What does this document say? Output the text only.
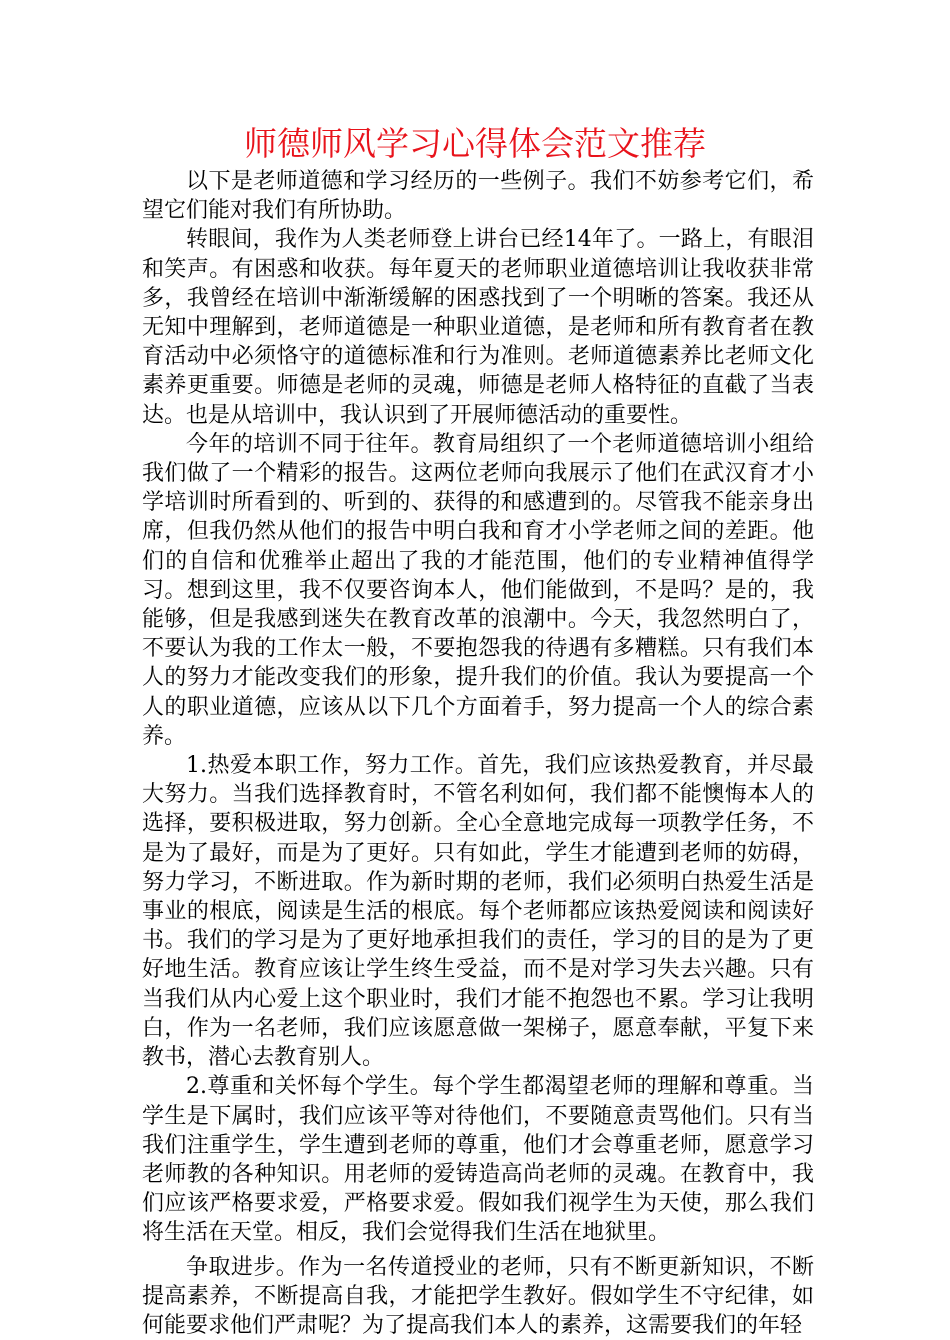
师德师风学习心得体会范文推荐

以下是老师道德和学习经历的一些例子。我们不妨参考它们，希望它们能对我们有所协助。

转眼间，我作为人类老师登上讲台已经14年了。一路上，有眼泪和笑声。有困惑和收获。每年夏天的老师职业道德培训让我收获非常多，我曾经在培训中渐渐缓解的困惑找到了一个明晰的答案。我还从无知中理解到，老师道德是一种职业道德，是老师和所有教育者在教育活动中必须恪守的道德标准和行为准则。老师道德素养比老师文化素养更重要。师德是老师的灵魂，师德是老师人格特征的直截了当表达。也是从培训中，我认识到了开展师德活动的重要性。

今年的培训不同于往年。教育局组织了一个老师道德培训小组给我们做了一个精彩的报告。这两位老师向我展示了他们在武汉育才小学培训时所看到的、听到的、获得的和感遭到的。尽管我不能亲身出席，但我仍然从他们的报告中明白我和育才小学老师之间的差距。他们的自信和优雅举止超出了我的才能范围，他们的专业精神值得学习。想到这里，我不仅要咨询本人，他们能做到，不是吗？是的，我能够，但是我感到迷失在教育改革的浪潮中。今天，我忽然明白了，不要认为我的工作太一般，不要抱怨我的待遇有多糟糕。只有我们本人的努力才能改变我们的形象，提升我们的价值。我认为要提高一个人的职业道德，应该从以下几个方面着手，努力提高一个人的综合素养。

1.热爱本职工作，努力工作。首先，我们应该热爱教育，并尽最大努力。当我们选择教育时，不管名利如何，我们都不能懊悔本人的选择，要积极进取，努力创新。全心全意地完成每一项教学任务，不是为了最好，而是为了更好。只有如此，学生才能遭到老师的妨碍，努力学习，不断进取。作为新时期的老师，我们必须明白热爱生活是事业的根底，阅读是生活的根底。每个老师都应该热爱阅读和阅读好书。我们的学习是为了更好地承担我们的责任，学习的目的是为了更好地生活。教育应该让学生终生受益，而不是对学习失去兴趣。只有当我们从内心爱上这个职业时，我们才能不抱怨也不累。学习让我明白，作为一名老师，我们应该愿意做一架梯子，愿意奉献，平复下来教书，潜心去教育别人。

2.尊重和关怀每个学生。每个学生都渴望老师的理解和尊重。当学生是下属时，我们应该平等对待他们，不要随意责骂他们。只有当我们注重学生，学生遭到老师的尊重，他们才会尊重老师，愿意学习老师教的各种知识。用老师的爱铸造高尚老师的灵魂。在教育中，我们应该严格要求爱，严格要求爱。假如我们视学生为天使，那么我们将生活在天堂。相反，我们会觉得我们生活在地狱里。

争取进步。作为一名传道授业的老师，只有不断更新知识，不断提高素养，不断提高自我，才能把学生教好。假如学生不守纪律，如何能要求他们严肃呢？为了提高我们本人的素养，这需要我们的年轻
